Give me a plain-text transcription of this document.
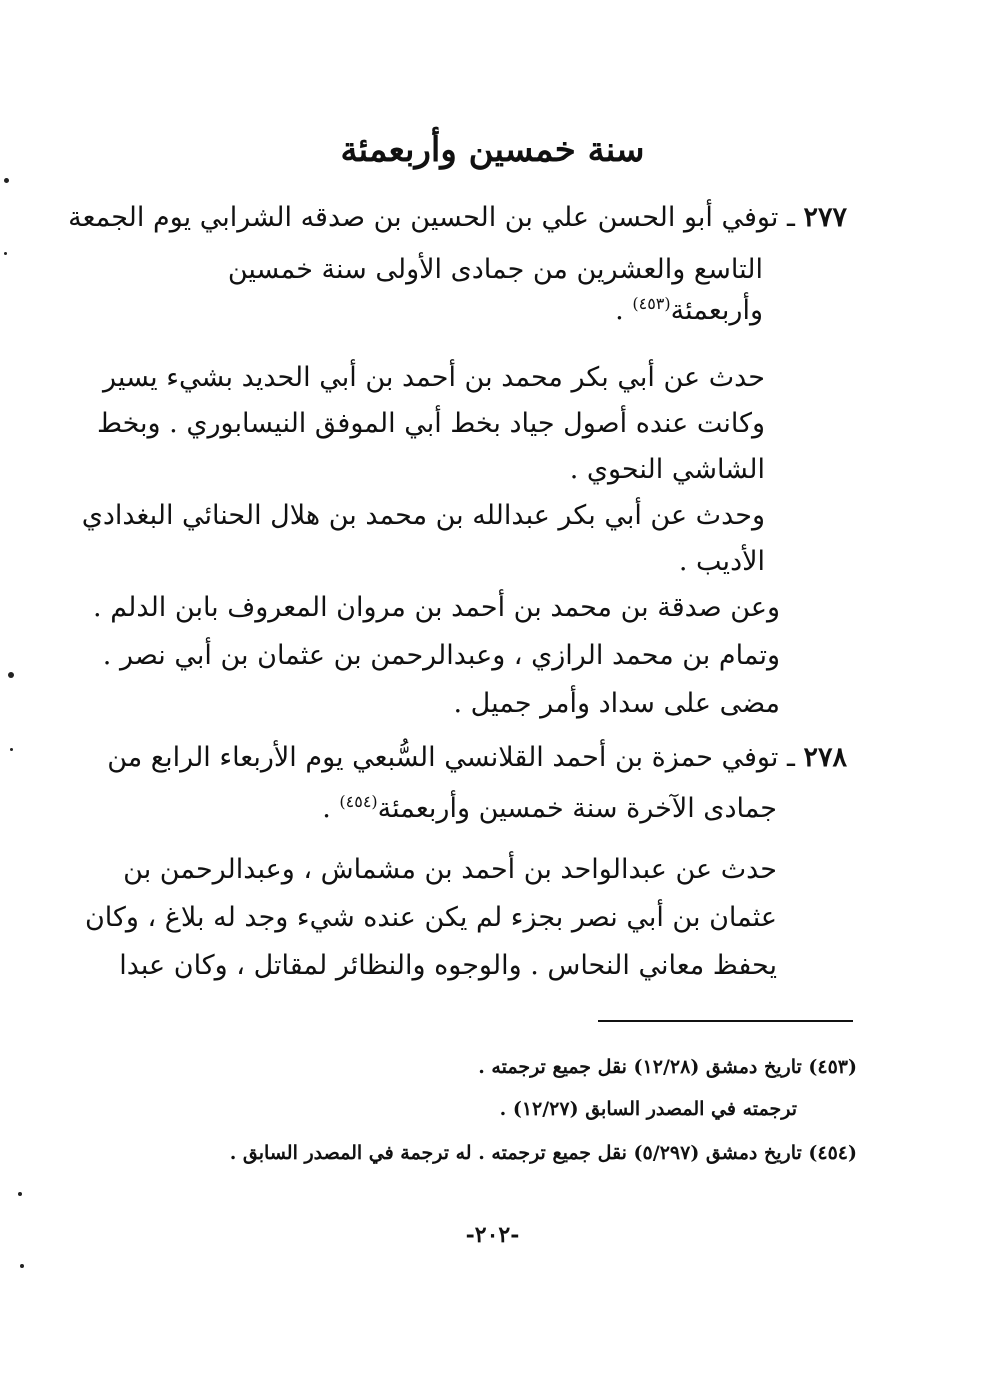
سنة خمسين وأربعمئة
٢٧٧ ـ توفي أبو الحسن علي بن الحسين بن صدقه الشرابي يوم الجمعة
التاسع والعشرين من جمادى الأولى سنة خمسين
وأربعمئة$^{(٤٥٣)}$ .
حدث عن أبي بكر محمد بن أحمد بن أبي الحديد بشيء يسير
وكانت عنده أصول جياد بخط أبي الموفق النيسابوري . وبخط
الشاشي النحوي .
وحدث عن أبي بكر عبدالله بن محمد بن هلال الحنائي البغدادي
الأديب .
وعن صدقة بن محمد بن أحمد بن مروان المعروف بابن الدلم .
وتمام بن محمد الرازي ، وعبدالرحمن بن عثمان بن أبي نصر .
مضى على سداد وأمر جميل .
٢٧٨ ـ توفي حمزة بن أحمد القلانسي السُّبعي يوم الأربعاء الرابع من
جمادى الآخرة سنة خمسين وأربعمئة$^{(٤٥٤)}$ .
حدث عن عبدالواحد بن أحمد بن مشماش ، وعبدالرحمن بن
عثمان بن أبي نصر بجزء لم يكن عنده شيء وجد له بلاغ ، وكان
يحفظ معاني النحاس . والوجوه والنظائر لمقاتل ، وكان عبدا
(٤٥٣) تاريخ دمشق (١٢/٢٨) نقل جميع ترجمته .
ترجمته في المصدر السابق (١٢/٢٧) .
(٤٥٤) تاريخ دمشق (٥/٢٩٧) نقل جميع ترجمته . له ترجمة في المصدر السابق .
-٢٠٢-
